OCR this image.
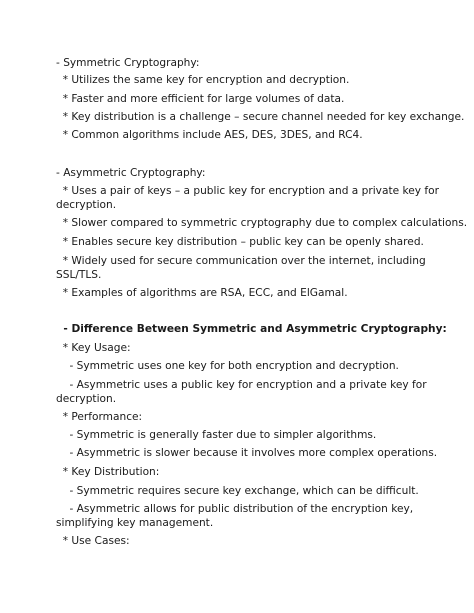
- Symmetric Cryptography:
* Utilizes the same key for encryption and decryption.
* Faster and more efficient for large volumes of data.
* Key distribution is a challenge – secure channel needed for key exchange.
* Common algorithms include AES, DES, 3DES, and RC4.
- Asymmetric Cryptography:
* Uses a pair of keys – a public key for encryption and a private key for
decryption.
* Slower compared to symmetric cryptography due to complex calculations.
* Enables secure key distribution – public key can be openly shared.
* Widely used for secure communication over the internet, including
SSL/TLS.
* Examples of algorithms are RSA, ECC, and ElGamal.
- Difference Between Symmetric and Asymmetric Cryptography:
* Key Usage:
- Symmetric uses one key for both encryption and decryption.
- Asymmetric uses a public key for encryption and a private key for
decryption.
* Performance:
- Symmetric is generally faster due to simpler algorithms.
- Asymmetric is slower because it involves more complex operations.
* Key Distribution:
- Symmetric requires secure key exchange, which can be difficult.
- Asymmetric allows for public distribution of the encryption key,
simplifying key management.
* Use Cases:
